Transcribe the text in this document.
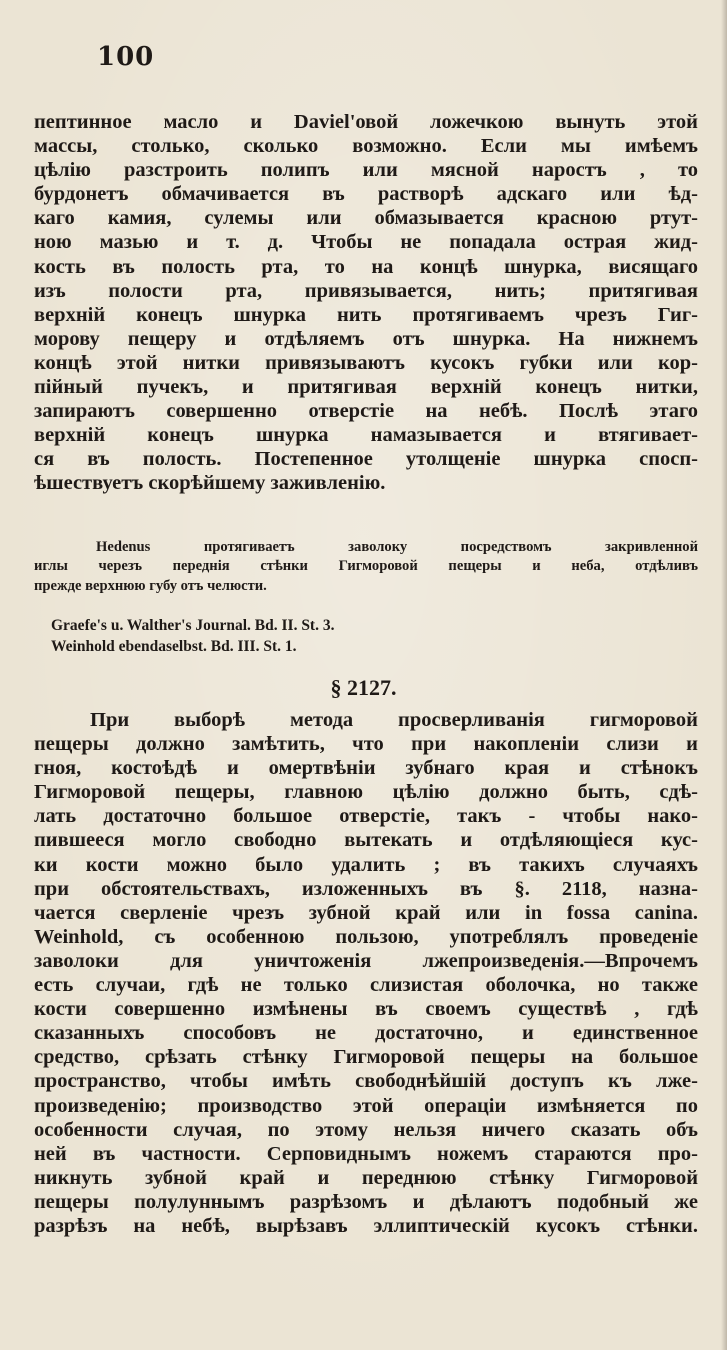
100
пептинное масло и Daviel'овой ложечкою вынуть этой
массы, столько, сколько возможно. Если мы имѣемъ
цѣлію разстроить полипъ или мясной наростъ , то
бурдонетъ обмачивается въ растворѣ адскаго или ѣд-
каго камия, сулемы или обмазывается красною ртут-
ною мазью и т. д. Чтобы не попадала острая жид-
кость въ полость рта, то на концѣ шнурка, висящаго
изъ полости рта, привязывается, нить; притягивая
верхній конецъ шнурка нить протягиваемъ чрезъ Гиг-
морову пещеру и отдѣляемъ отъ шнурка. На нижнемъ
концѣ этой нитки привязываютъ кусокъ губки или кор-
пійный пучекъ, и притягивая верхній конецъ нитки,
запираютъ совершенно отверстіе на небѣ. Послѣ этаго
верхній конецъ шнурка намазывается и втягивает-
ся въ полость. Постепенное утолщеніе шнурка спосп-
ѣшествуетъ скорѣйшему заживленію.
Hedenus протягиваетъ заволоку посредствомъ закривленной
иглы черезъ переднія стѣнки Гигморовой пещеры и неба, отдѣливъ
прежде верхнюю губу отъ челюсти.
Graefe's u. Walther's Journal. Bd. II. St. 3.
Weinhold ebendaselbst. Bd. III. St. 1.
§ 2127.
При выборѣ метода просверливанія гигморовой
пещеры должно замѣтить, что при накопленіи слизи и
гноя, костоѣдѣ и омертвѣніи зубнаго края и стѣнокъ
Гигморовой пещеры, главною цѣлію должно быть, сдѣ-
лать достаточно большое отверстіе, такъ - чтобы нако-
пившееся могло свободно вытекать и отдѣляющіеся кус-
ки кости можно было удалить ; въ такихъ случаяхъ
при обстоятельствахъ, изложенныхъ въ §. 2118, назна-
чается сверленіе чрезъ зубной край или in fossa canina.
Weinhold, съ особенною пользою, употреблялъ проведеніе
заволоки для уничтоженія лжепроизведенія.—Впрочемъ
есть случаи, гдѣ не только слизистая оболочка, но также
кости совершенно измѣнены въ своемъ существѣ , гдѣ
сказанныхъ способовъ не достаточно, и единственное
средство, срѣзать стѣнку Гигморовой пещеры на большое
пространство, чтобы имѣть свободнѣйшій доступъ къ лже-
произведенію; производство этой операціи измѣняется по
особенности случая, по этому нельзя ничего сказать объ
ней въ частности. Серповиднымъ ножемъ стараются про-
никнуть зубной край и переднюю стѣнку Гигморовой
пещеры полулуннымъ разрѣзомъ и дѣлаютъ подобный же
разрѣзъ на небѣ, вырѣзавъ эллиптическій кусокъ стѣнки.
